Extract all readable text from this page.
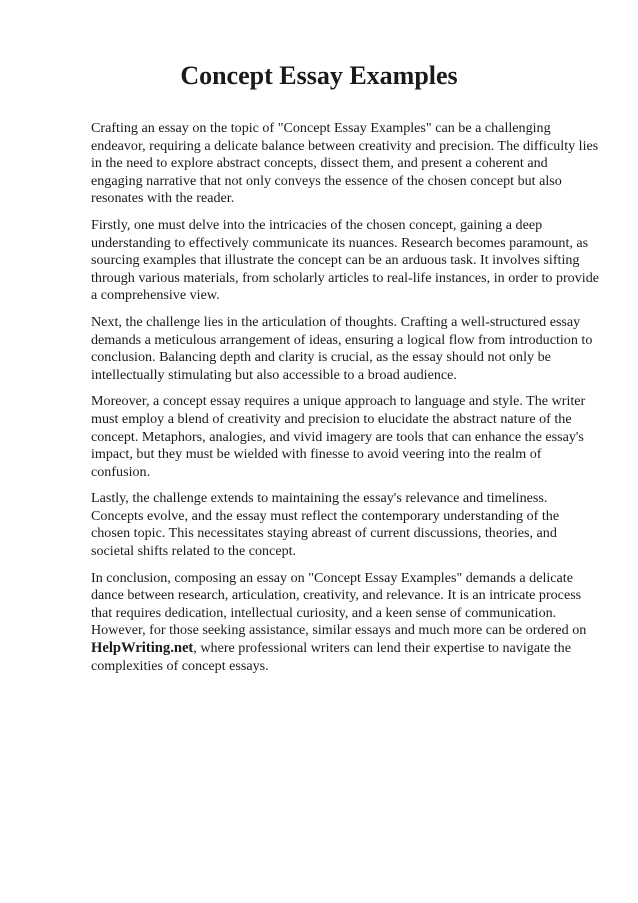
Concept Essay Examples

Crafting an essay on the topic of "Concept Essay Examples" can be a challenging endeavor, requiring a delicate balance between creativity and precision. The difficulty lies in the need to explore abstract concepts, dissect them, and present a coherent and engaging narrative that not only conveys the essence of the chosen concept but also resonates with the reader.

Firstly, one must delve into the intricacies of the chosen concept, gaining a deep understanding to effectively communicate its nuances. Research becomes paramount, as sourcing examples that illustrate the concept can be an arduous task. It involves sifting through various materials, from scholarly articles to real-life instances, in order to provide a comprehensive view.

Next, the challenge lies in the articulation of thoughts. Crafting a well-structured essay demands a meticulous arrangement of ideas, ensuring a logical flow from introduction to conclusion. Balancing depth and clarity is crucial, as the essay should not only be intellectually stimulating but also accessible to a broad audience.

Moreover, a concept essay requires a unique approach to language and style. The writer must employ a blend of creativity and precision to elucidate the abstract nature of the concept. Metaphors, analogies, and vivid imagery are tools that can enhance the essay's impact, but they must be wielded with finesse to avoid veering into the realm of confusion.

Lastly, the challenge extends to maintaining the essay's relevance and timeliness. Concepts evolve, and the essay must reflect the contemporary understanding of the chosen topic. This necessitates staying abreast of current discussions, theories, and societal shifts related to the concept.

In conclusion, composing an essay on "Concept Essay Examples" demands a delicate dance between research, articulation, creativity, and relevance. It is an intricate process that requires dedication, intellectual curiosity, and a keen sense of communication. However, for those seeking assistance, similar essays and much more can be ordered on HelpWriting.net, where professional writers can lend their expertise to navigate the complexities of concept essays.
